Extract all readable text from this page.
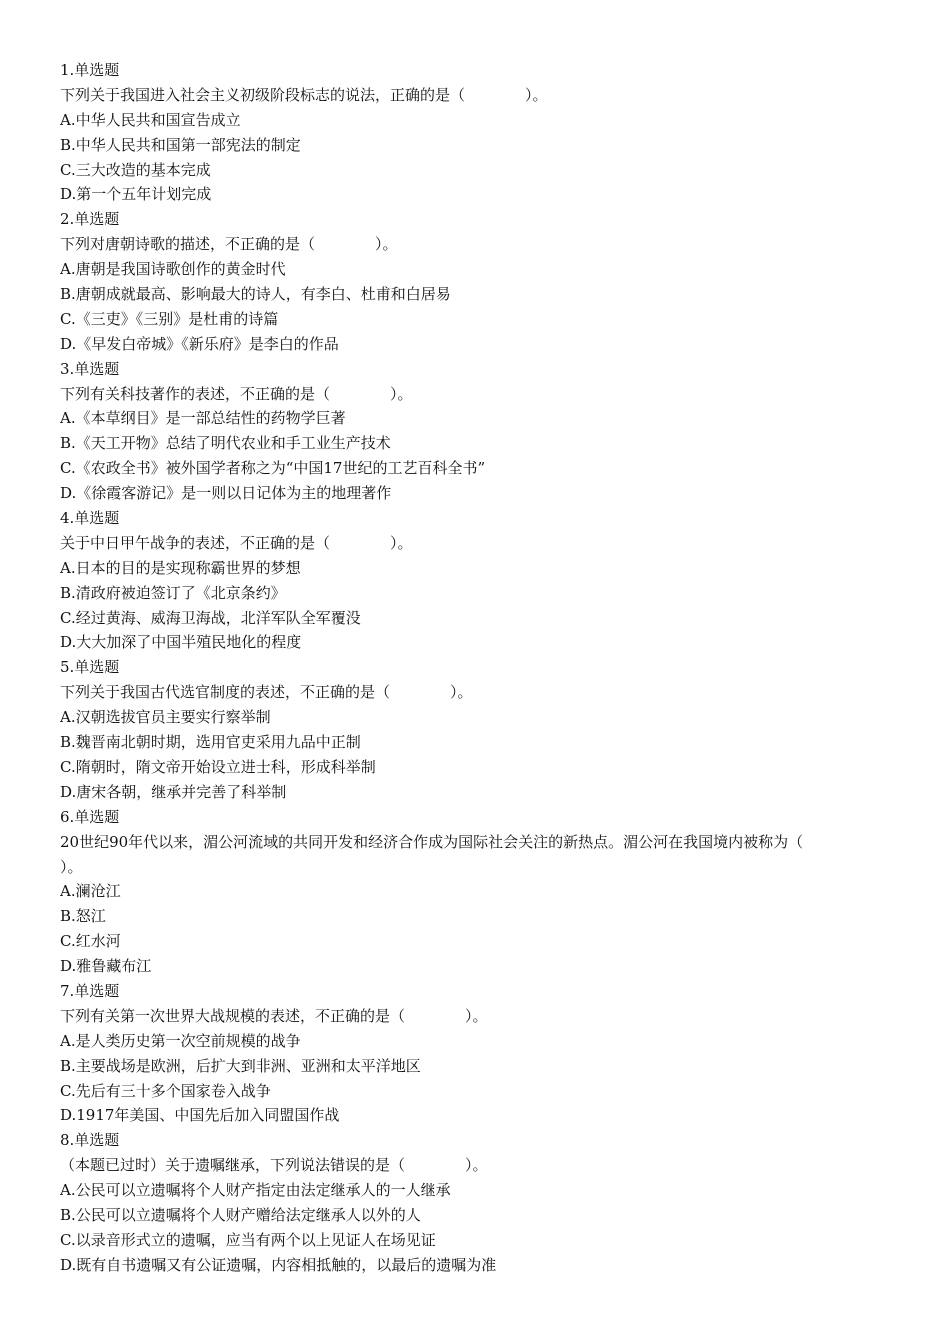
1.单选题
下列关于我国进入社会主义初级阶段标志的说法，正确的是（　　　　）。
A.中华人民共和国宣告成立
B.中华人民共和国第一部宪法的制定
C.三大改造的基本完成
D.第一个五年计划完成
2.单选题
下列对唐朝诗歌的描述，不正确的是（　　　　）。
A.唐朝是我国诗歌创作的黄金时代
B.唐朝成就最高、影响最大的诗人，有李白、杜甫和白居易
C.《三吏》《三别》是杜甫的诗篇
D.《早发白帝城》《新乐府》是李白的作品
3.单选题
下列有关科技著作的表述，不正确的是（　　　　）。
A.《本草纲目》是一部总结性的药物学巨著
B.《天工开物》总结了明代农业和手工业生产技术
C.《农政全书》被外国学者称之为“中国17世纪的工艺百科全书”
D.《徐霞客游记》是一则以日记体为主的地理著作
4.单选题
关于中日甲午战争的表述，不正确的是（　　　　）。
A.日本的目的是实现称霸世界的梦想
B.清政府被迫签订了《北京条约》
C.经过黄海、威海卫海战，北洋军队全军覆没
D.大大加深了中国半殖民地化的程度
5.单选题
下列关于我国古代选官制度的表述，不正确的是（　　　　）。
A.汉朝选拔官员主要实行察举制
B.魏晋南北朝时期，选用官吏采用九品中正制
C.隋朝时，隋文帝开始设立进士科，形成科举制
D.唐宋各朝，继承并完善了科举制
6.单选题
20世纪90年代以来，湄公河流域的共同开发和经济合作成为国际社会关注的新热点。湄公河在我国境内被称为（
）。
A.澜沧江
B.怒江
C.红水河
D.雅鲁藏布江
7.单选题
下列有关第一次世界大战规模的表述，不正确的是（　　　　）。
A.是人类历史第一次空前规模的战争
B.主要战场是欧洲，后扩大到非洲、亚洲和太平洋地区
C.先后有三十多个国家卷入战争
D.1917年美国、中国先后加入同盟国作战
8.单选题
（本题已过时）关于遗嘱继承，下列说法错误的是（　　　　）。
A.公民可以立遗嘱将个人财产指定由法定继承人的一人继承
B.公民可以立遗嘱将个人财产赠给法定继承人以外的人
C.以录音形式立的遗嘱，应当有两个以上见证人在场见证
D.既有自书遗嘱又有公证遗嘱，内容相抵触的，以最后的遗嘱为准
